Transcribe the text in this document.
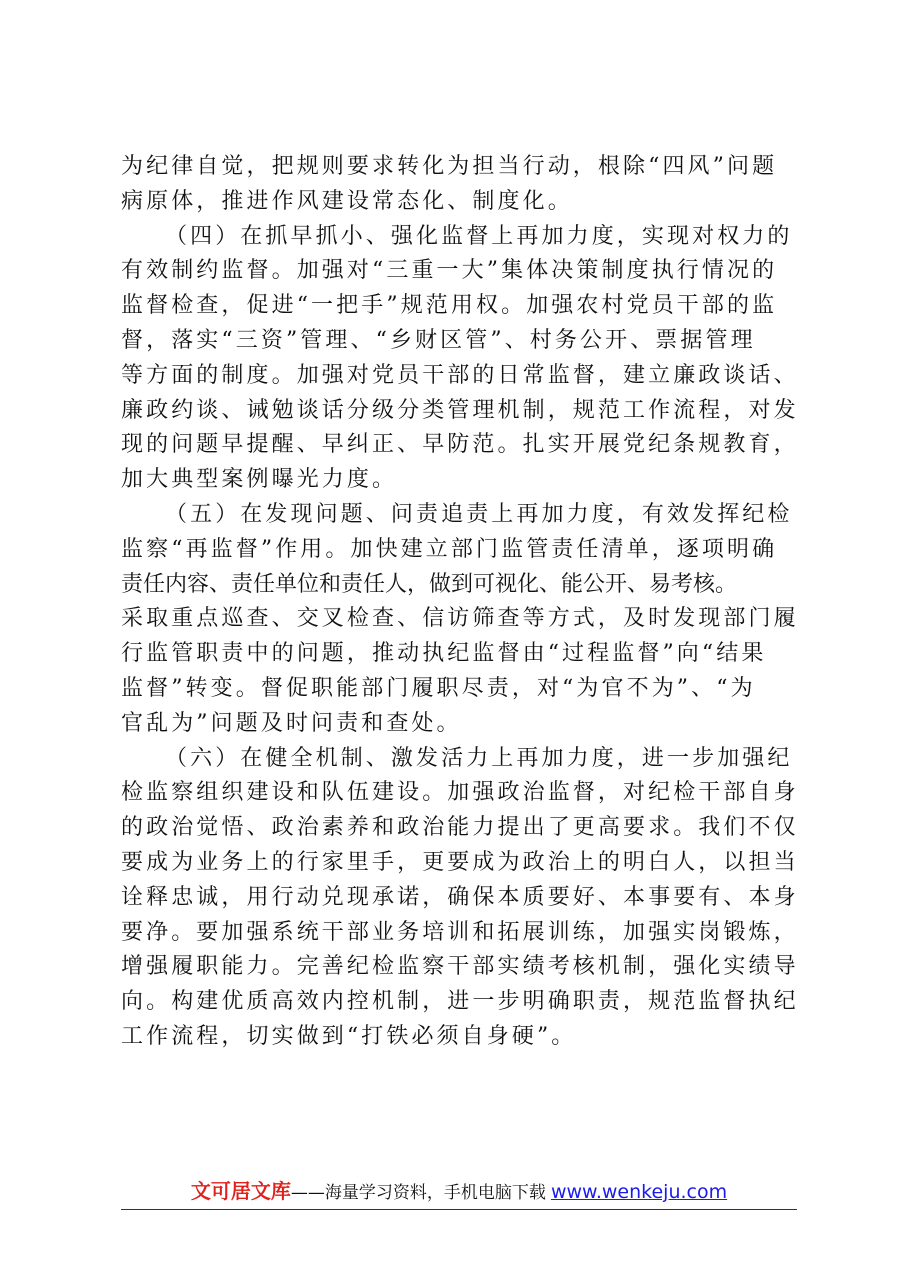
为纪律自觉，把规则要求转化为担当行动，根除“四风”问题
病原体，推进作风建设常态化、制度化。
（四）在抓早抓小、强化监督上再加力度，实现对权力的
有效制约监督。加强对“三重一大”集体决策制度执行情况的
监督检查，促进“一把手”规范用权。加强农村党员干部的监
督，落实“三资”管理、“乡财区管”、村务公开、票据管理
等方面的制度。加强对党员干部的日常监督，建立廉政谈话、
廉政约谈、诫勉谈话分级分类管理机制，规范工作流程，对发
现的问题早提醒、早纠正、早防范。扎实开展党纪条规教育，
加大典型案例曝光力度。
（五）在发现问题、问责追责上再加力度，有效发挥纪检
监察“再监督”作用。加快建立部门监管责任清单，逐项明确
责任内容、责任单位和责任人，做到可视化、能公开、易考核。
采取重点巡查、交叉检查、信访筛查等方式，及时发现部门履
行监管职责中的问题，推动执纪监督由“过程监督”向“结果
监督”转变。督促职能部门履职尽责，对“为官不为”、“为
官乱为”问题及时问责和查处。
（六）在健全机制、激发活力上再加力度，进一步加强纪
检监察组织建设和队伍建设。加强政治监督，对纪检干部自身
的政治觉悟、政治素养和政治能力提出了更高要求。我们不仅
要成为业务上的行家里手，更要成为政治上的明白人，以担当
诠释忠诚，用行动兑现承诺，确保本质要好、本事要有、本身
要净。要加强系统干部业务培训和拓展训练，加强实岗锻炼，
增强履职能力。完善纪检监察干部实绩考核机制，强化实绩导
向。构建优质高效内控机制，进一步明确职责，规范监督执纪
工作流程，切实做到“打铁必须自身硬”。
文可居文库——海量学习资料，手机电脑下载 www.wenkeju.com
